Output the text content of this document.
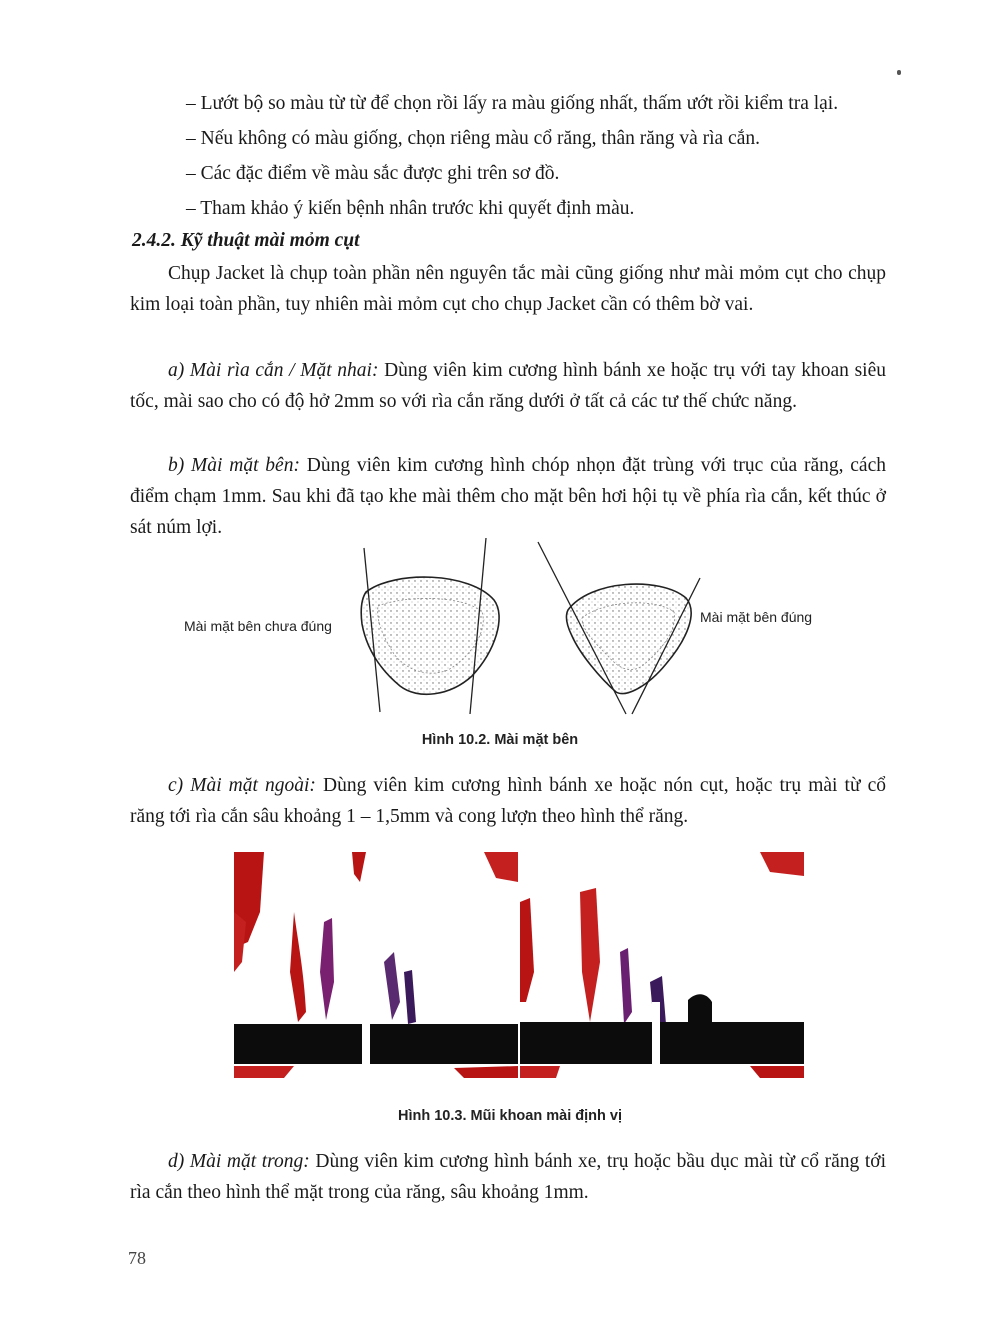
– Lướt bộ so màu từ từ để chọn rồi lấy ra màu giống nhất, thấm ướt rồi kiểm tra lại.
– Nếu không có màu giống, chọn riêng màu cổ răng, thân răng và rìa cắn.
– Các đặc điểm về màu sắc được ghi trên sơ đồ.
– Tham khảo ý kiến bệnh nhân trước khi quyết định màu.
2.4.2. Kỹ thuật mài mỏm cụt
Chụp Jacket là chụp toàn phần nên nguyên tắc mài cũng giống như mài mỏm cụt cho chụp kim loại toàn phần, tuy nhiên mài mỏm cụt cho chụp Jacket cần có thêm bờ vai.
a) Mài rìa cắn / Mặt nhai: Dùng viên kim cương hình bánh xe hoặc trụ với tay khoan siêu tốc, mài sao cho có độ hở 2mm so với rìa cắn răng dưới ở tất cả các tư thế chức năng.
b) Mài mặt bên: Dùng viên kim cương hình chóp nhọn đặt trùng với trục của răng, cách điểm chạm 1mm. Sau khi đã tạo khe mài thêm cho mặt bên hơi hội tụ về phía rìa cắn, kết thúc ở sát núm lợi.
Mài mặt bên chưa đúng
Mài mặt bên đúng
Hình 10.2. Mài mặt bên
c) Mài mặt ngoài: Dùng viên kim cương hình bánh xe hoặc nón cụt, hoặc trụ mài từ cổ răng tới rìa cắn sâu khoảng 1 – 1,5mm và cong lượn theo hình thể răng.
Hình 10.3. Mũi khoan mài định vị
d) Mài mặt trong: Dùng viên kim cương hình bánh xe, trụ hoặc bầu dục mài từ cổ răng tới rìa cắn theo hình thể mặt trong của răng, sâu khoảng 1mm.
78
